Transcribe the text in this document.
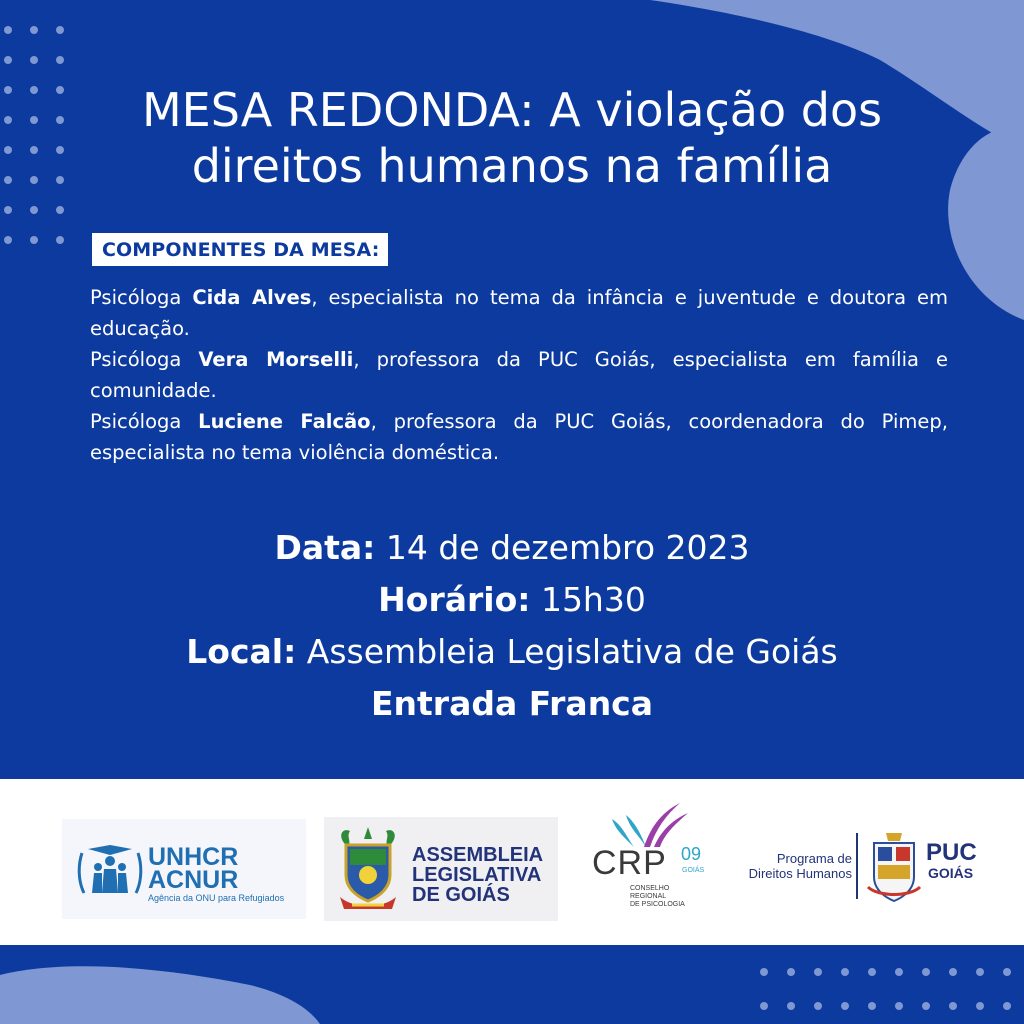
MESA REDONDA: A violação dos
direitos humanos na família
COMPONENTES DA MESA:

Psicóloga Cida Alves, especialista no tema da infância e juventude e doutora em educação.

Psicóloga Vera Morselli, professora da PUC Goiás, especialista em família e comunidade.

Psicóloga Luciene Falcão, professora da PUC Goiás, coordenadora do Pimep, especialista no tema violência doméstica.

Data: 14 de dezembro 2023
Horário: 15h30
Local: Assembleia Legislativa de Goiás
Entrada Franca
UNHCR
ACNUR
Agência da ONU para Refugiados
ASSEMBLEIA
LEGISLATIVA
DE GOIÁS
CRP 09
GOIÁS
CONSELHO
REGIONAL
DE PSICOLOGIA
Programa de
Direitos Humanos
PUC
GOIÁS
